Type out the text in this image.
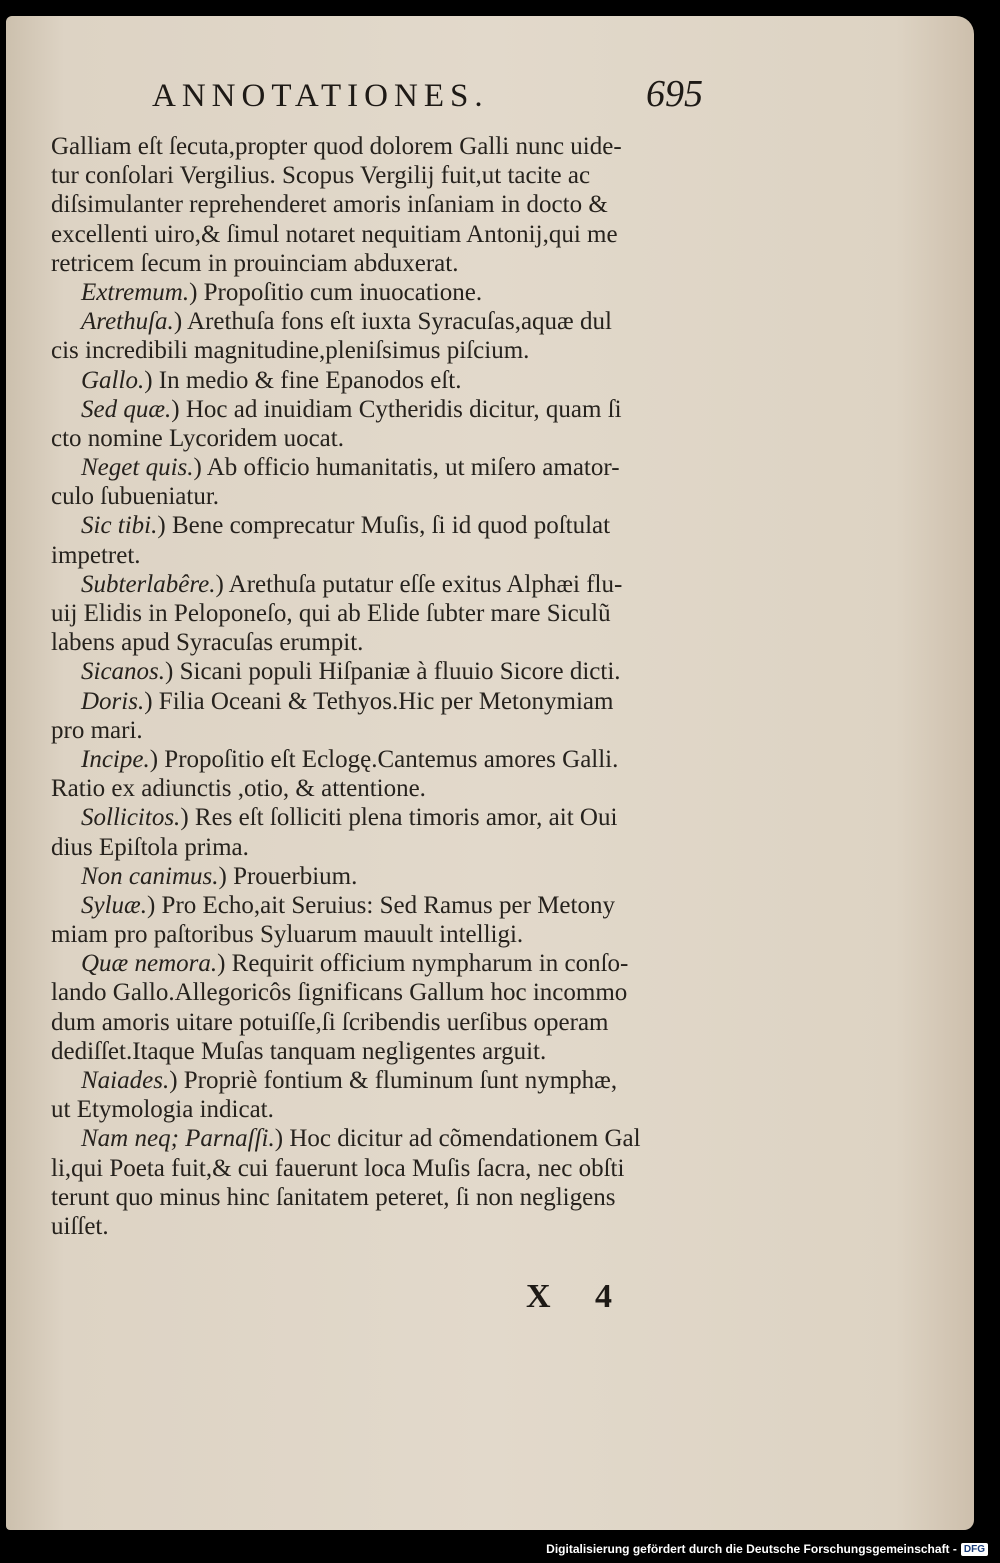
ANNOTATIONES.	695
Galliam eſt ſecuta,propter quod dolorem Galli nunc uide-
tur conſolari Vergilius. Scopus Vergilij fuit,ut tacite ac
diſsimulanter reprehenderet amoris inſaniam in docto &
excellenti uiro,& ſimul notaret nequitiam Antonij,qui me
retricem ſecum in prouinciam abduxerat.
Extremum.) Propoſitio cum inuocatione.
Arethuſa.) Arethuſa fons eſt iuxta Syracuſas,aquæ dul
cis incredibili magnitudine,pleniſsimus piſcium.
Gallo.) In medio & fine Epanodos eſt.
Sed quæ.) Hoc ad inuidiam Cytheridis dicitur, quam ſi
cto nomine Lycoridem uocat.
Neget quis.) Ab officio humanitatis, ut miſero amator-
culo ſubueniatur.
Sic tibi.) Bene comprecatur Muſis, ſi id quod poſtulat
impetret.
Subterlabêre.) Arethuſa putatur eſſe exitus Alphæi flu-
uij Elidis in Peloponeſo, qui ab Elide ſubter mare Siculũ
labens apud Syracuſas erumpit.
Sicanos.) Sicani populi Hiſpaniæ à fluuio Sicore dicti.
Doris.) Filia Oceani & Tethyos.Hic per Metonymiam
pro mari.
Incipe.) Propoſitio eſt Eclogę.Cantemus amores Galli.
Ratio ex adiunctis ,otio, & attentione.
Sollicitos.) Res eſt ſolliciti plena timoris amor, ait Oui
dius Epiſtola prima.
Non canimus.) Prouerbium.
Syluæ.) Pro Echo,ait Seruius: Sed Ramus per Metony
miam pro paſtoribus Syluarum mauult intelligi.
Quæ nemora.) Requirit officium nympharum in conſo-
lando Gallo.Allegoricôs ſignificans Gallum hoc incommo
dum amoris uitare potuiſſe,ſi ſcribendis uerſibus operam
dediſſet.Itaque Muſas tanquam negligentes arguit.
Naiades.) Propriè fontium & fluminum ſunt nymphæ,
ut Etymologia indicat.
Nam neq; Parnaſſi.) Hoc dicitur ad cõmendationem Gal
li,qui Poeta fuit,& cui fauerunt loca Muſis ſacra, nec obſti
terunt quo minus hinc ſanitatem peteret, ſi non negligens
uiſſet.
X 4
Digitalisierung gefördert durch die Deutsche Forschungsgemeinschaft - DFG
